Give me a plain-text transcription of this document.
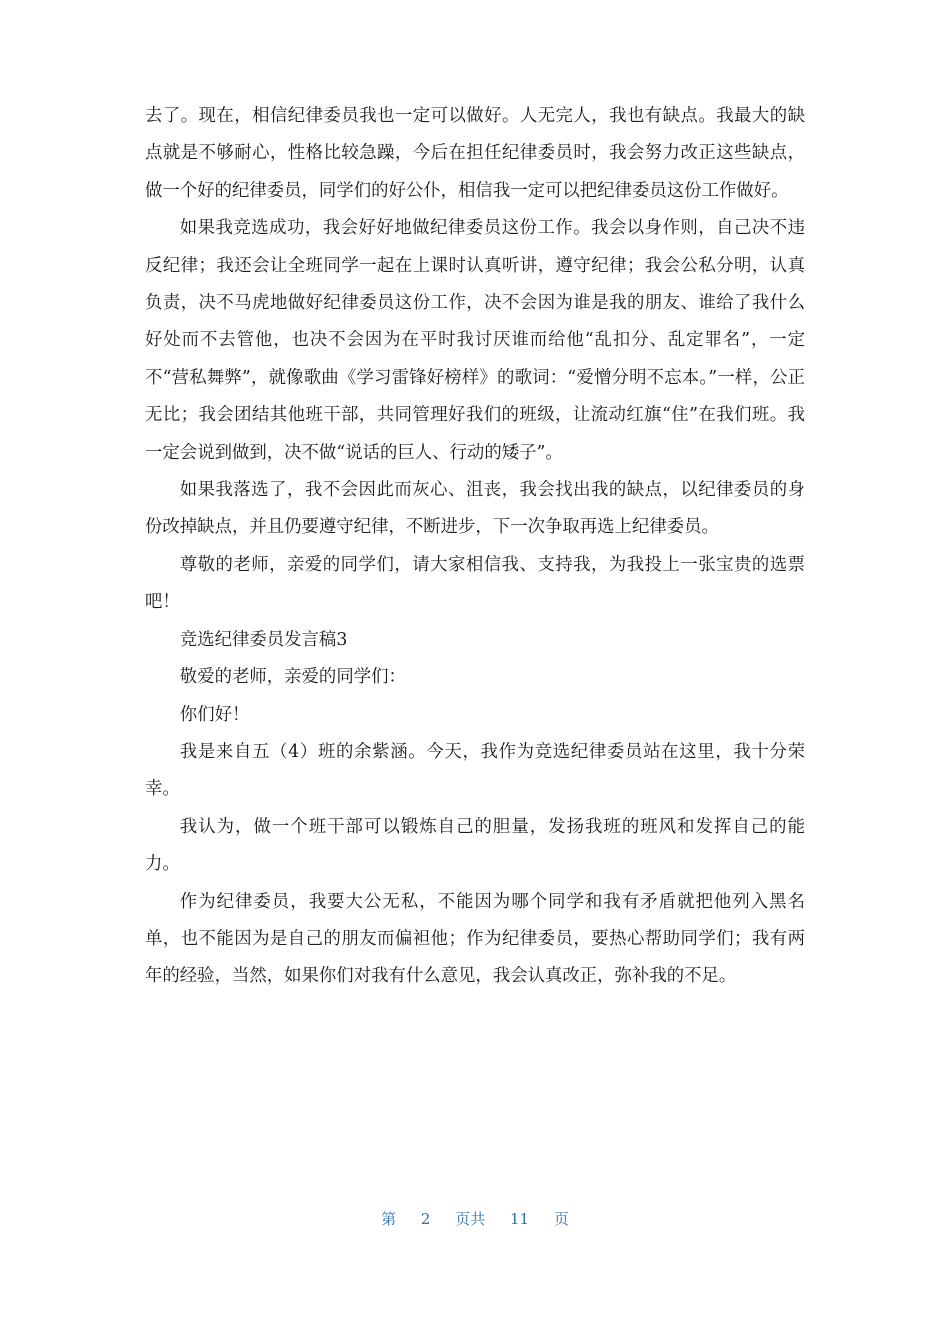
去了。现在，相信纪律委员我也一定可以做好。人无完人，我也有缺点。我最大的缺点就是不够耐心，性格比较急躁，今后在担任纪律委员时，我会努力改正这些缺点，做一个好的纪律委员，同学们的好公仆，相信我一定可以把纪律委员这份工作做好。

如果我竞选成功，我会好好地做纪律委员这份工作。我会以身作则，自己决不违反纪律；我还会让全班同学一起在上课时认真听讲，遵守纪律；我会公私分明，认真负责，决不马虎地做好纪律委员这份工作，决不会因为谁是我的朋友、谁给了我什么好处而不去管他，也决不会因为在平时我讨厌谁而给他“乱扣分、乱定罪名”，一定不“营私舞弊”，就像歌曲《学习雷锋好榜样》的歌词：“爱憎分明不忘本。”一样，公正无比；我会团结其他班干部，共同管理好我们的班级，让流动红旗“住”在我们班。我一定会说到做到，决不做“说话的巨人、行动的矮子”。

如果我落选了，我不会因此而灰心、沮丧，我会找出我的缺点，以纪律委员的身份改掉缺点，并且仍要遵守纪律，不断进步，下一次争取再选上纪律委员。

尊敬的老师，亲爱的同学们，请大家相信我、支持我，为我投上一张宝贵的选票吧！

竞选纪律委员发言稿3

敬爱的老师，亲爱的同学们：

你们好！

我是来自五（4）班的余紫涵。今天，我作为竞选纪律委员站在这里，我十分荣幸。

我认为，做一个班干部可以锻炼自己的胆量，发扬我班的班风和发挥自己的能力。

作为纪律委员，我要大公无私，不能因为哪个同学和我有矛盾就把他列入黑名单，也不能因为是自己的朋友而偏袒他；作为纪律委员，要热心帮助同学们；我有两年的经验，当然，如果你们对我有什么意见，我会认真改正，弥补我的不足。

第 2 页共 11 页
